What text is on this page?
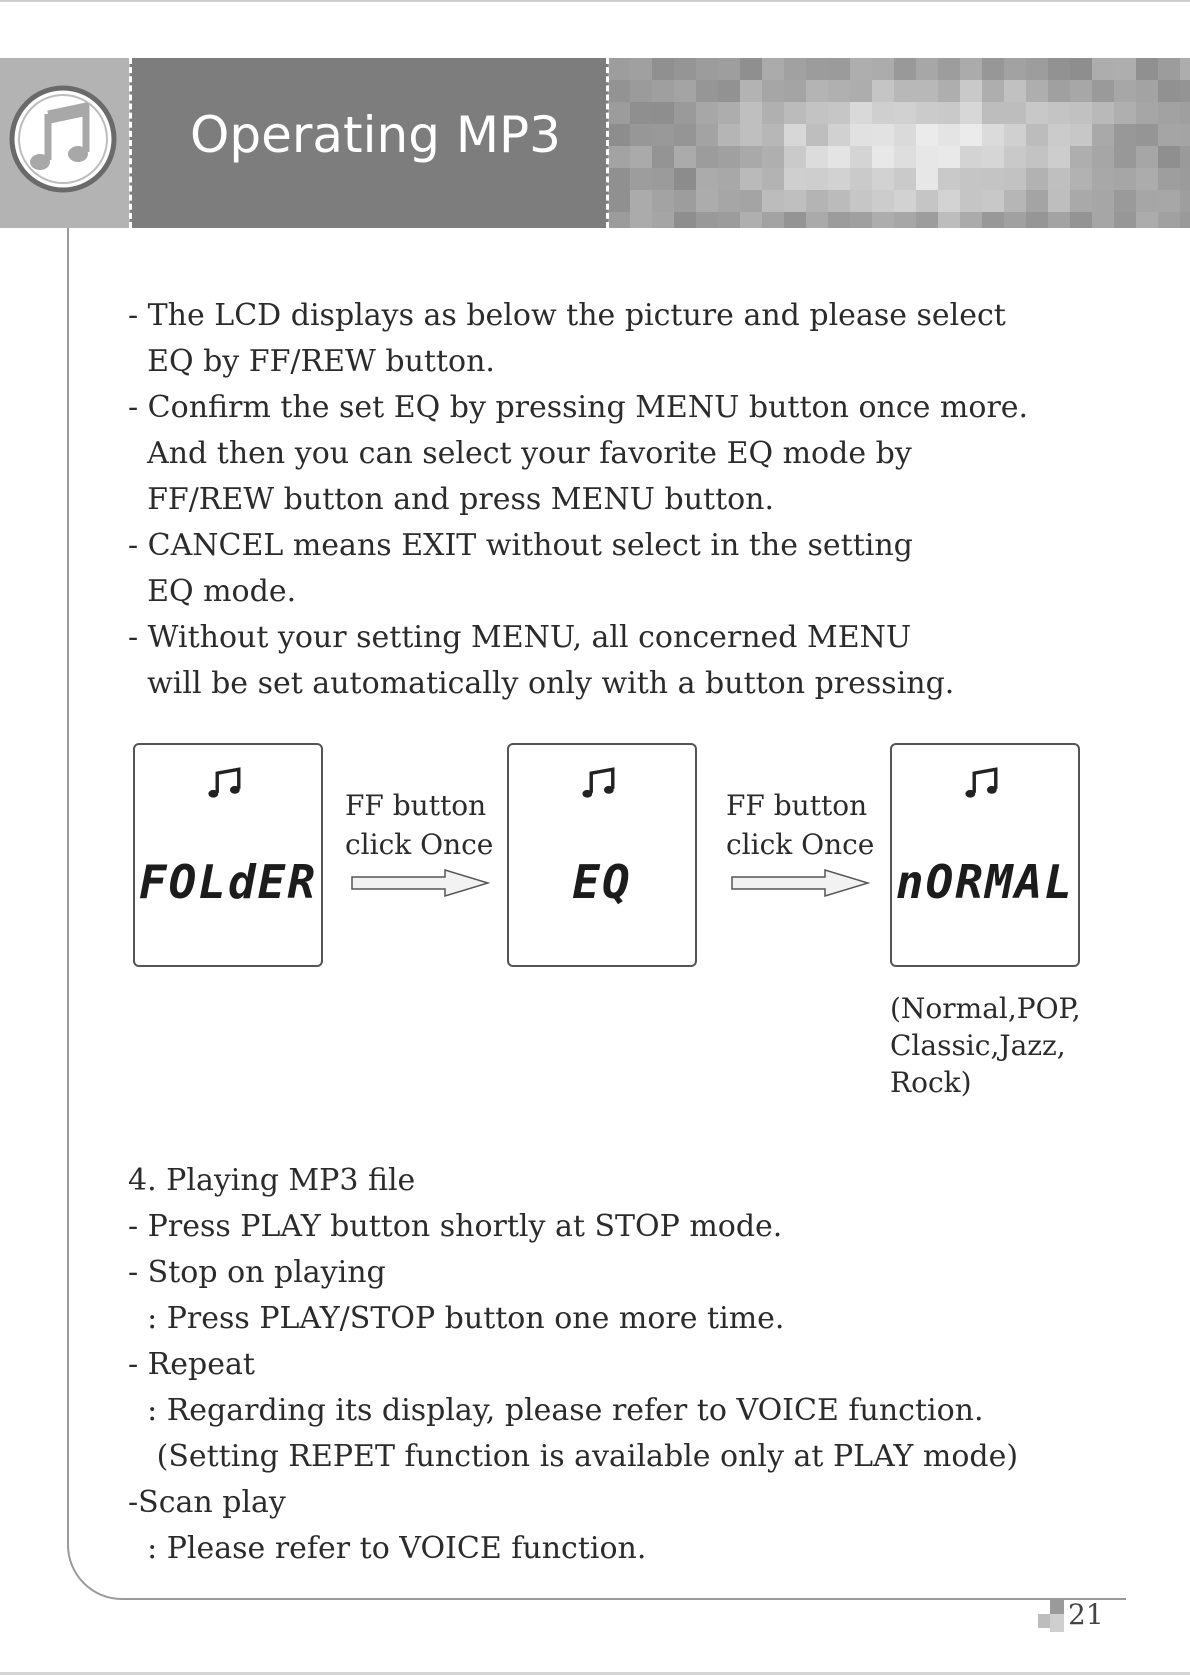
Operating MP3
- The LCD displays as below the picture and please select
EQ by FF/REW button.
- Confirm the set EQ by pressing MENU button once more.
And then you can select your favorite EQ mode by
FF/REW button and press MENU button.
- CANCEL means EXIT without select in the setting
EQ mode.
- Without your setting MENU, all concerned MENU
will be set automatically only with a button pressing.
FOLdER
FF button
click Once
EQ
FF button
click Once
nORMAL
(Normal,POP,
Classic,Jazz,
Rock)
4. Playing MP3 file
- Press PLAY button shortly at STOP mode.
- Stop on playing
: Press PLAY/STOP button one more time.
- Repeat
: Regarding its display, please refer to VOICE function.
(Setting REPET function is available only at PLAY mode)
-Scan play
: Please refer to VOICE function.
21
